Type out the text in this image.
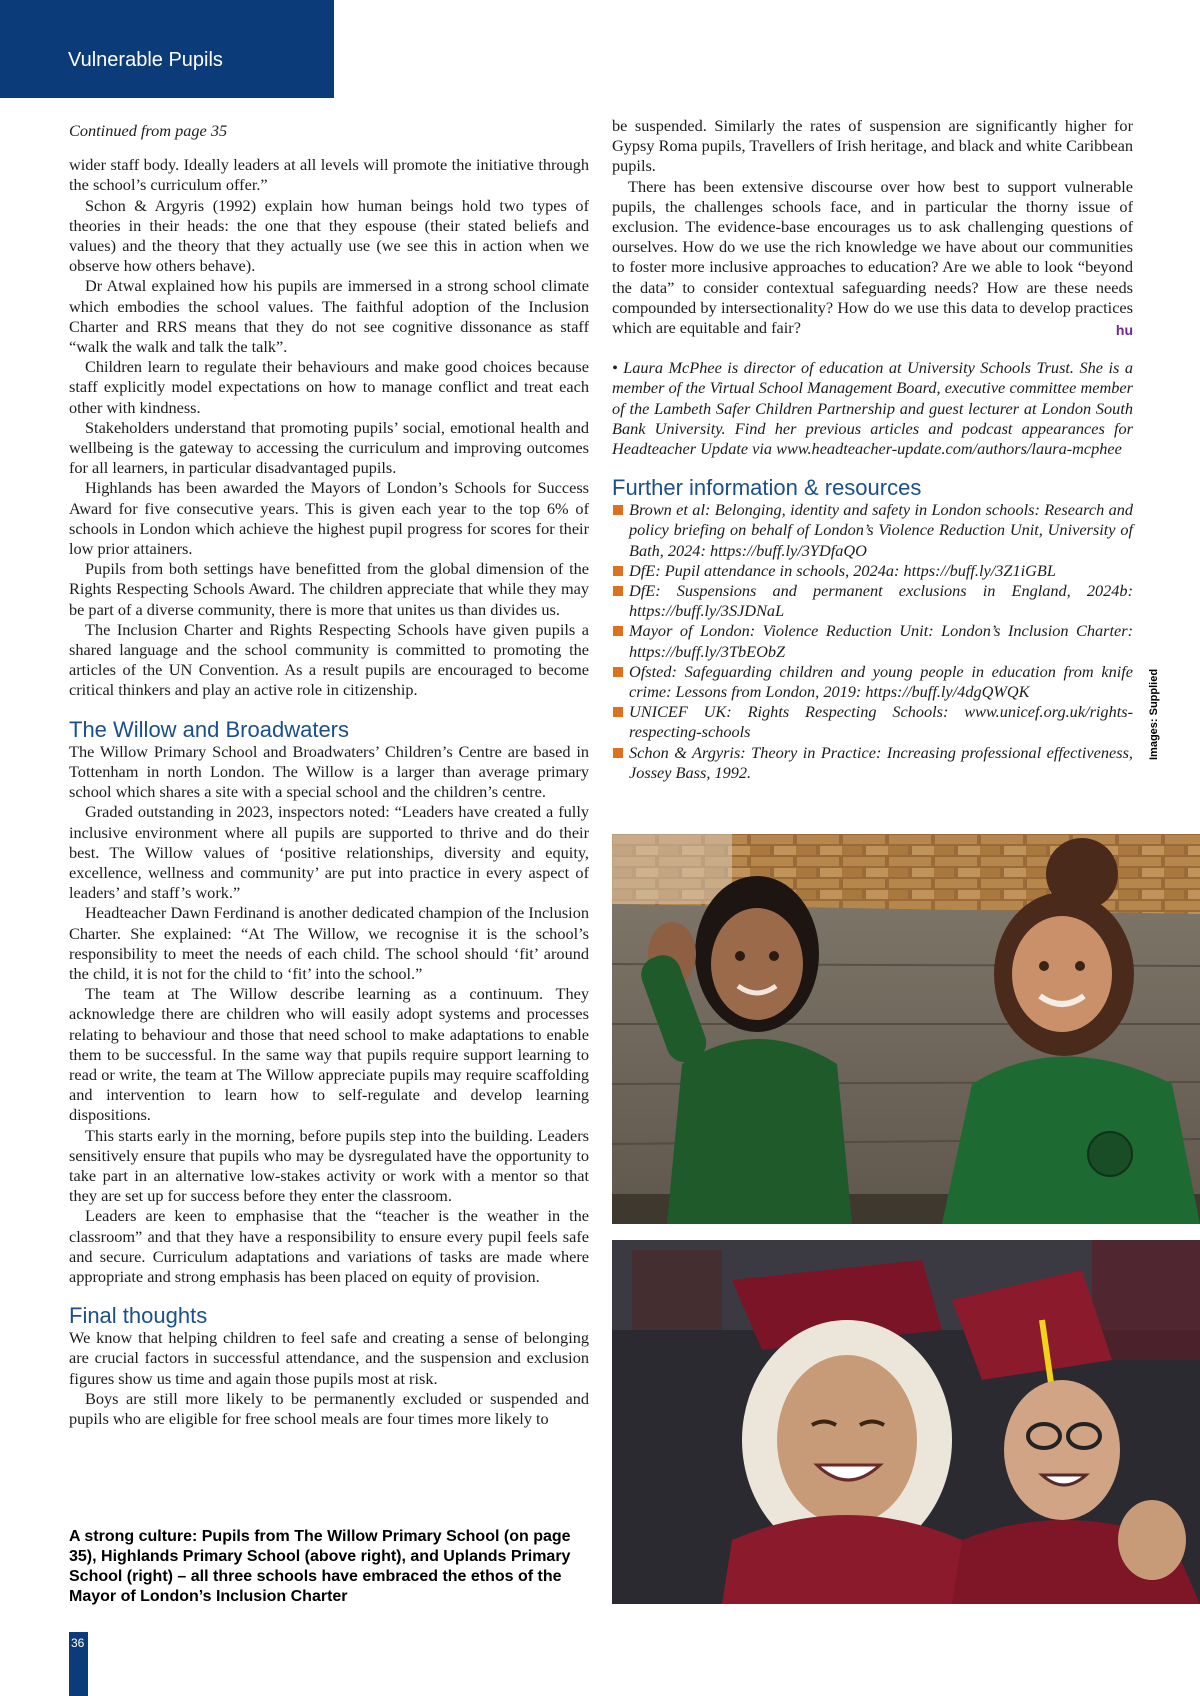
Vulnerable Pupils

Continued from page 35

wider staff body. Ideally leaders at all levels will promote the initiative through the school’s curriculum offer.”

Schon & Argyris (1992) explain how human beings hold two types of theories in their heads: the one that they espouse (their stated beliefs and values) and the theory that they actually use (we see this in action when we observe how others behave).

Dr Atwal explained how his pupils are immersed in a strong school climate which embodies the school values. The faithful adoption of the Inclusion Charter and RRS means that they do not see cognitive dissonance as staff “walk the walk and talk the talk”.

Children learn to regulate their behaviours and make good choices because staff explicitly model expectations on how to manage conflict and treat each other with kindness.

Stakeholders understand that promoting pupils’ social, emotional health and wellbeing is the gateway to accessing the curriculum and improving outcomes for all learners, in particular disadvantaged pupils.

Highlands has been awarded the Mayors of London’s Schools for Success Award for five consecutive years. This is given each year to the top 6% of schools in London which achieve the highest pupil progress for scores for their low prior attainers.

Pupils from both settings have benefitted from the global dimension of the Rights Respecting Schools Award. The children appreciate that while they may be part of a diverse community, there is more that unites us than divides us.

The Inclusion Charter and Rights Respecting Schools have given pupils a shared language and the school community is committed to promoting the articles of the UN Convention. As a result pupils are encouraged to become critical thinkers and play an active role in citizenship.

The Willow and Broadwaters

The Willow Primary School and Broadwaters’ Children’s Centre are based in Tottenham in north London. The Willow is a larger than average primary school which shares a site with a special school and the children’s centre.

Graded outstanding in 2023, inspectors noted: “Leaders have created a fully inclusive environment where all pupils are supported to thrive and do their best. The Willow values of ‘positive relationships, diversity and equity, excellence, wellness and community’ are put into practice in every aspect of leaders’ and staff’s work.”

Headteacher Dawn Ferdinand is another dedicated champion of the Inclusion Charter. She explained: “At The Willow, we recognise it is the school’s responsibility to meet the needs of each child. The school should ‘fit’ around the child, it is not for the child to ‘fit’ into the school.”

The team at The Willow describe learning as a continuum. They acknowledge there are children who will easily adopt systems and processes relating to behaviour and those that need school to make adaptations to enable them to be successful. In the same way that pupils require support learning to read or write, the team at The Willow appreciate pupils may require scaffolding and intervention to learn how to self-regulate and develop learning dispositions.

This starts early in the morning, before pupils step into the building. Leaders sensitively ensure that pupils who may be dysregulated have the opportunity to take part in an alternative low-stakes activity or work with a mentor so that they are set up for success before they enter the classroom.

Leaders are keen to emphasise that the “teacher is the weather in the classroom” and that they have a responsibility to ensure every pupil feels safe and secure. Curriculum adaptations and variations of tasks are made where appropriate and strong emphasis has been placed on equity of provision.

Final thoughts

We know that helping children to feel safe and creating a sense of belonging are crucial factors in successful attendance, and the suspension and exclusion figures show us time and again those pupils most at risk.

Boys are still more likely to be permanently excluded or suspended and pupils who are eligible for free school meals are four times more likely to

be suspended. Similarly the rates of suspension are significantly higher for Gypsy Roma pupils, Travellers of Irish heritage, and black and white Caribbean pupils.

There has been extensive discourse over how best to support vulnerable pupils, the challenges schools face, and in particular the thorny issue of exclusion. The evidence-base encourages us to ask challenging questions of ourselves. How do we use the rich knowledge we have about our communities to foster more inclusive approaches to education? Are we able to look “beyond the data” to consider contextual safeguarding needs? How are these needs compounded by intersectionality? How do we use this data to develop practices which are equitable and fair?	hu

• Laura McPhee is director of education at University Schools Trust. She is a member of the Virtual School Management Board, executive committee member of the Lambeth Safer Children Partnership and guest lecturer at London South Bank University. Find her previous articles and podcast appearances for Headteacher Update via www.headteacher-update.com/authors/laura-mcphee

Further information & resources
Brown et al: Belonging, identity and safety in London schools: Research and policy briefing on behalf of London’s Violence Reduction Unit, University of Bath, 2024: https://buff.ly/3YDfaQO
DfE: Pupil attendance in schools, 2024a: https://buff.ly/3Z1iGBL
DfE: Suspensions and permanent exclusions in England, 2024b: https://buff.ly/3SJDNaL
Mayor of London: Violence Reduction Unit: London’s Inclusion Charter: https://buff.ly/3TbEObZ
Ofsted: Safeguarding children and young people in education from knife crime: Lessons from London, 2019: https://buff.ly/4dgQWQK
UNICEF UK: Rights Respecting Schools: www.unicef.org.uk/rights-respecting-schools
Schon & Argyris: Theory in Practice: Increasing professional effectiveness, Jossey Bass, 1992.
Images: Supplied
A strong culture: Pupils from The Willow Primary School (on page 35), Highlands Primary School (above right), and Uplands Primary School (right) – all three schools have embraced the ethos of the Mayor of London’s Inclusion Charter
36
